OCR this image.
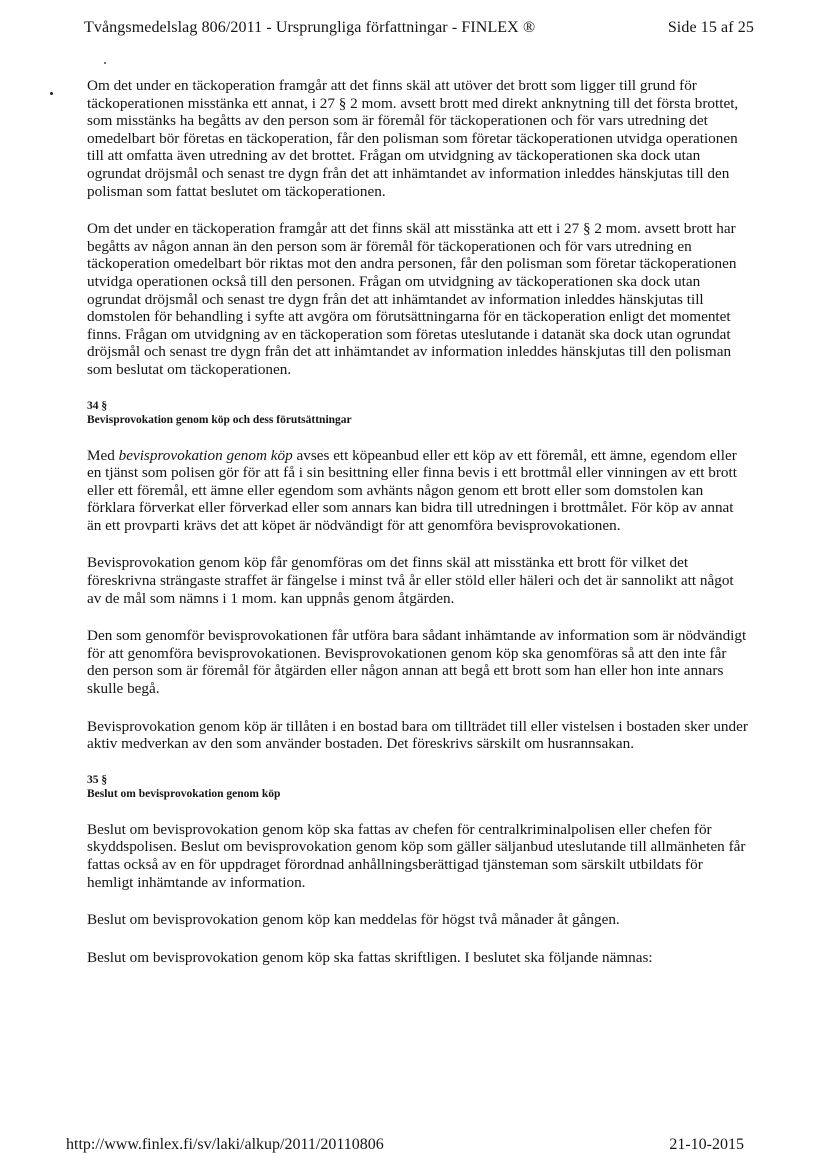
Tvångsmedelslag 806/2011 - Ursprungliga författningar - FINLEX ®	Side 15 af 25

Om det under en täckoperation framgår att det finns skäl att utöver det brott som ligger till grund för täckoperationen misstänka ett annat, i 27 § 2 mom. avsett brott med direkt anknytning till det första brottet, som misstänks ha begåtts av den person som är föremål för täckoperationen och för vars utredning det omedelbart bör företas en täckoperation, får den polisman som företar täckoperationen utvidga operationen till att omfatta även utredning av det brottet. Frågan om utvidgning av täckoperationen ska dock utan ogrundat dröjsmål och senast tre dygn från det att inhämtandet av information inleddes hänskjutas till den polisman som fattat beslutet om täckoperationen.

Om det under en täckoperation framgår att det finns skäl att misstänka att ett i 27 § 2 mom. avsett brott har begåtts av någon annan än den person som är föremål för täckoperationen och för vars utredning en täckoperation omedelbart bör riktas mot den andra personen, får den polisman som företar täckoperationen utvidga operationen också till den personen. Frågan om utvidgning av täckoperationen ska dock utan ogrundat dröjsmål och senast tre dygn från det att inhämtandet av information inleddes hänskjutas till domstolen för behandling i syfte att avgöra om förutsättningarna för en täckoperation enligt det momentet finns. Frågan om utvidgning av en täckoperation som företas uteslutande i datanät ska dock utan ogrundat dröjsmål och senast tre dygn från det att inhämtandet av information inleddes hänskjutas till den polisman som beslutat om täckoperationen.

34 §

Bevisprovokation genom köp och dess förutsättningar

Med bevisprovokation genom köp avses ett köpeanbud eller ett köp av ett föremål, ett ämne, egendom eller en tjänst som polisen gör för att få i sin besittning eller finna bevis i ett brottmål eller vinningen av ett brott eller ett föremål, ett ämne eller egendom som avhänts någon genom ett brott eller som domstolen kan förklara förverkat eller förverkad eller som annars kan bidra till utredningen i brottmålet. För köp av annat än ett provparti krävs det att köpet är nödvändigt för att genomföra bevisprovokationen.

Bevisprovokation genom köp får genomföras om det finns skäl att misstänka ett brott för vilket det föreskrivna strängaste straffet är fängelse i minst två år eller stöld eller häleri och det är sannolikt att något av de mål som nämns i 1 mom. kan uppnås genom åtgärden.

Den som genomför bevisprovokationen får utföra bara sådant inhämtande av information som är nödvändigt för att genomföra bevisprovokationen. Bevisprovokationen genom köp ska genomföras så att den inte får den person som är föremål för åtgärden eller någon annan att begå ett brott som han eller hon inte annars skulle begå.

Bevisprovokation genom köp är tillåten i en bostad bara om tillträdet till eller vistelsen i bostaden sker under aktiv medverkan av den som använder bostaden. Det föreskrivs särskilt om husrannsakan.

35 §

Beslut om bevisprovokation genom köp

Beslut om bevisprovokation genom köp ska fattas av chefen för centralkriminalpolisen eller chefen för skyddspolisen. Beslut om bevisprovokation genom köp som gäller säljanbud uteslutande till allmänheten får fattas också av en för uppdraget förordnad anhållningsberättigad tjänsteman som särskilt utbildats för hemligt inhämtande av information.

Beslut om bevisprovokation genom köp kan meddelas för högst två månader åt gången.

Beslut om bevisprovokation genom köp ska fattas skriftligen. I beslutet ska följande nämnas:

http://www.finlex.fi/sv/laki/alkup/2011/20110806	21-10-2015
